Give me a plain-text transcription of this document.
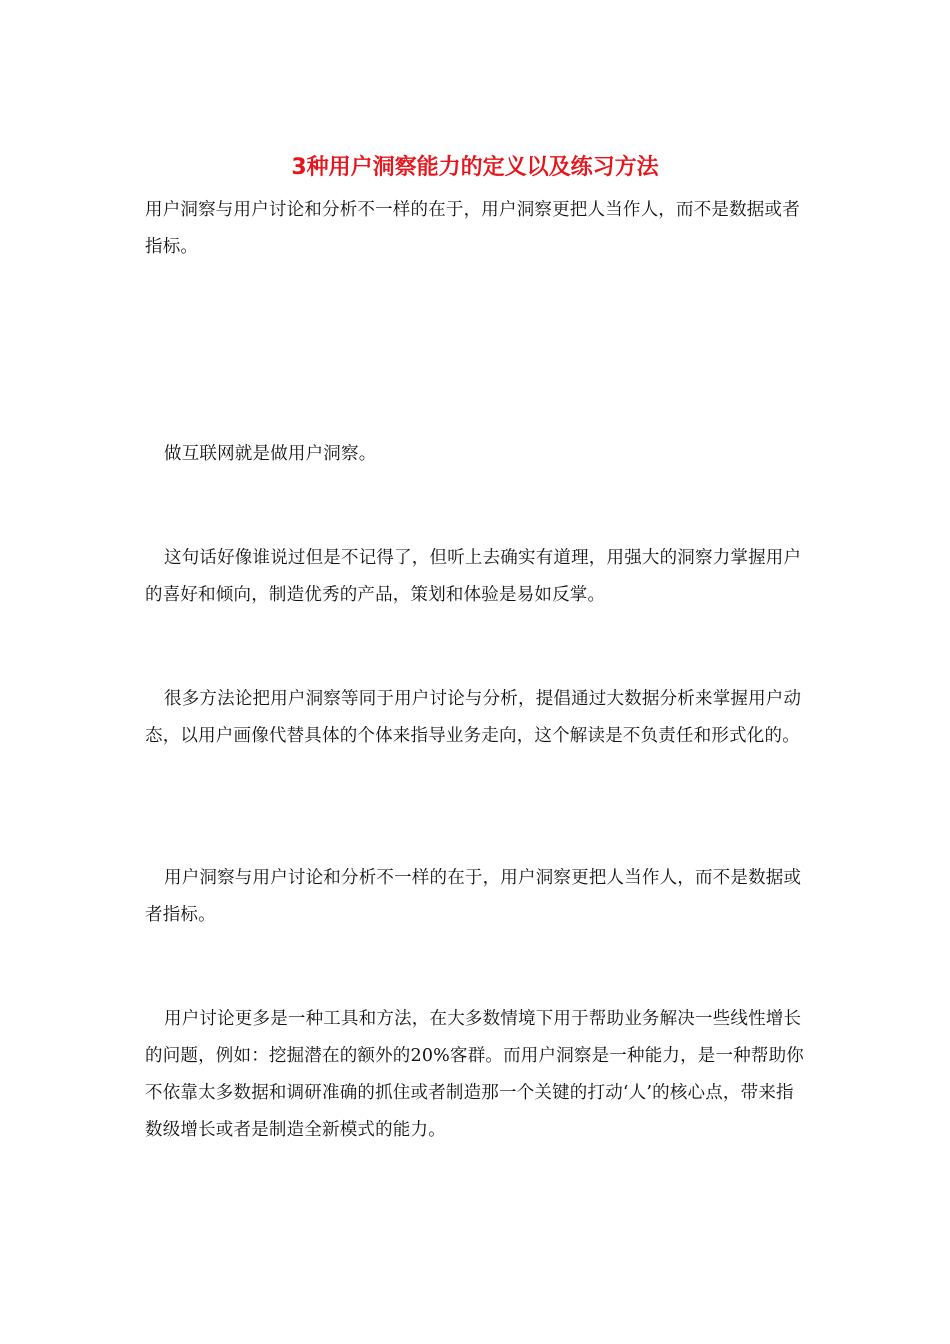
3种用户洞察能力的定义以及练习方法

用户洞察与用户讨论和分析不一样的在于，用户洞察更把人当作人，而不是数据或者指标。

做互联网就是做用户洞察。

这句话好像谁说过但是不记得了，但听上去确实有道理，用强大的洞察力掌握用户的喜好和倾向，制造优秀的产品，策划和体验是易如反掌。

很多方法论把用户洞察等同于用户讨论与分析，提倡通过大数据分析来掌握用户动态，以用户画像代替具体的个体来指导业务走向，这个解读是不负责任和形式化的。

用户洞察与用户讨论和分析不一样的在于，用户洞察更把人当作人，而不是数据或者指标。

用户讨论更多是一种工具和方法，在大多数情境下用于帮助业务解决一些线性增长的问题，例如：挖掘潜在的额外的20%客群。而用户洞察是一种能力，是一种帮助你不依靠太多数据和调研准确的抓住或者制造那一个关键的打动‘人’的核心点，带来指数级增长或者是制造全新模式的能力。
